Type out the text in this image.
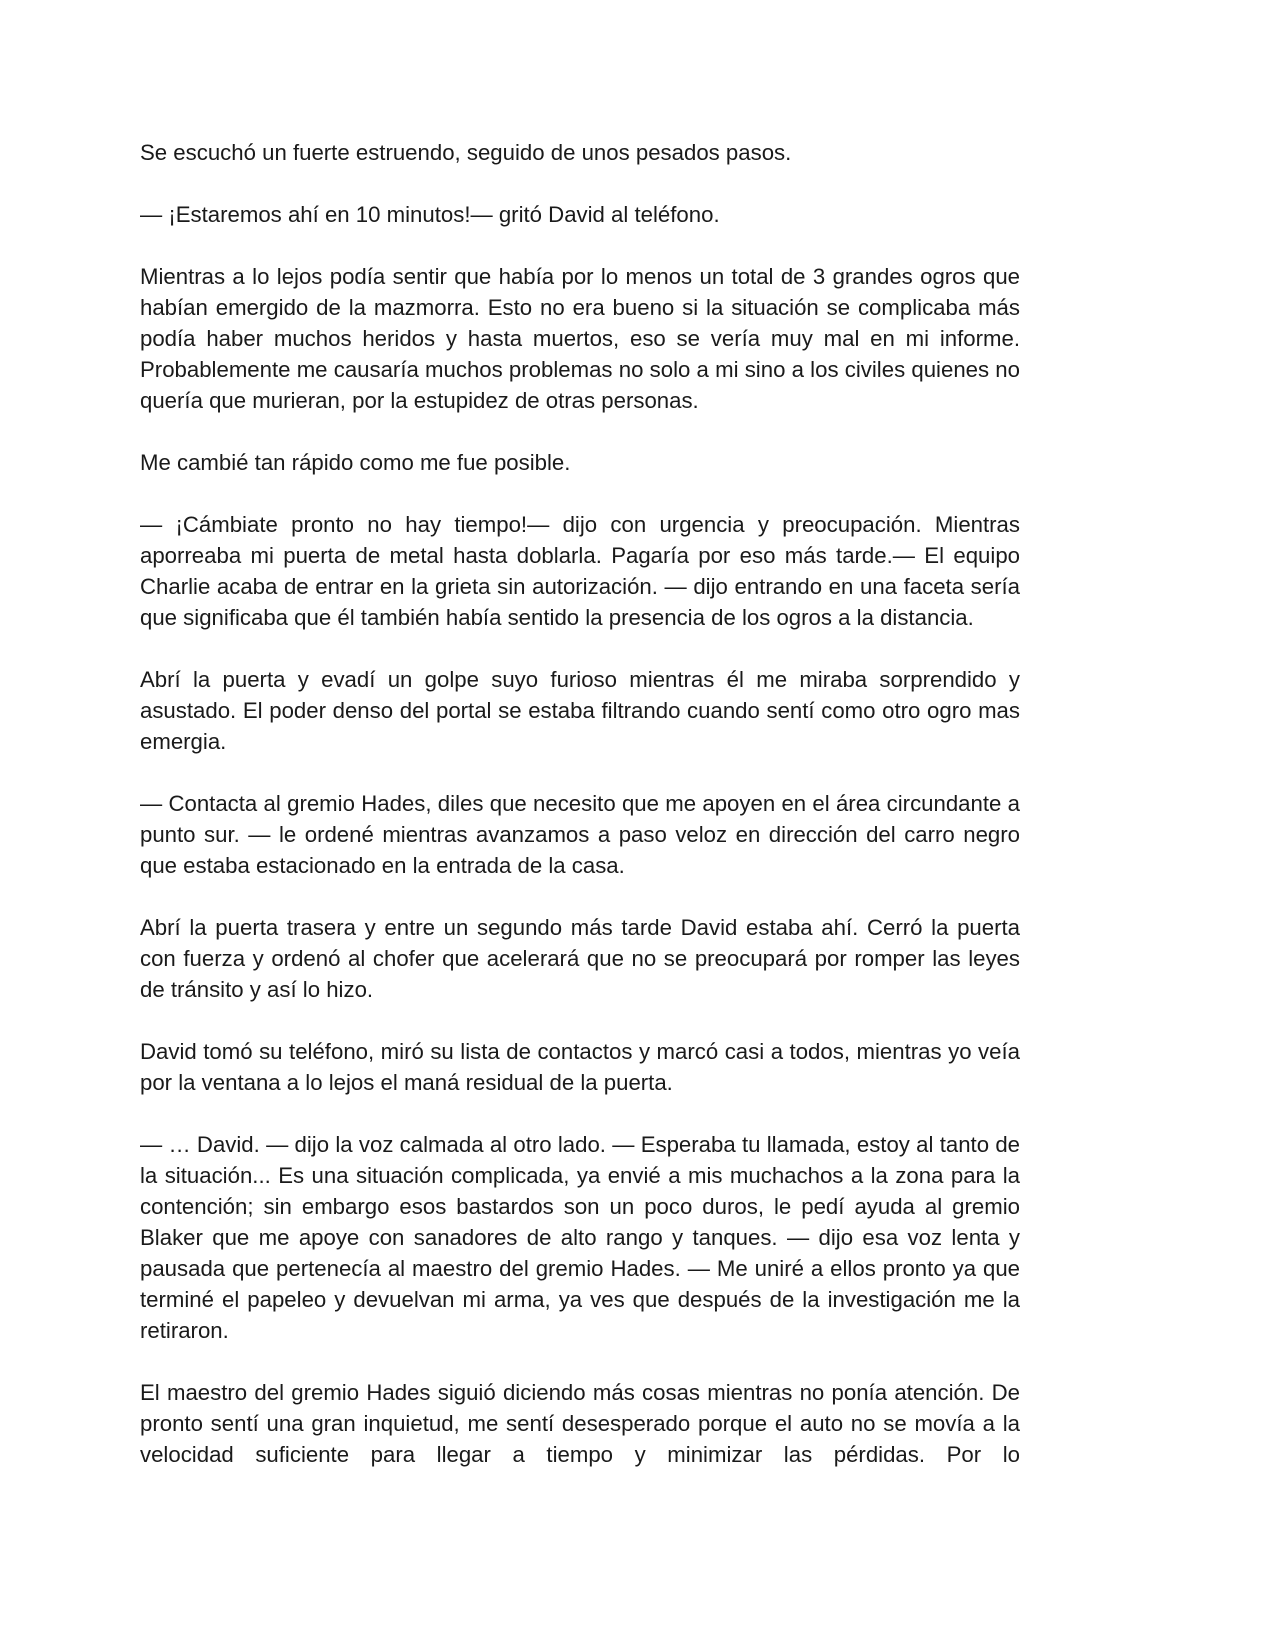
Se escuchó un fuerte estruendo, seguido de unos pesados pasos.

— ¡Estaremos ahí en 10 minutos!— gritó David al teléfono.

Mientras a lo lejos podía sentir que había por lo menos un total de 3 grandes ogros que habían emergido de la mazmorra. Esto no era bueno si la situación se complicaba más podía haber muchos heridos y hasta muertos, eso se vería muy mal en mi informe. Probablemente me causaría muchos problemas no solo a mi sino a los civiles quienes no quería que murieran, por la estupidez de otras personas.

Me cambié tan rápido como me fue posible.

— ¡Cámbiate pronto no hay tiempo!— dijo con urgencia y preocupación. Mientras aporreaba mi puerta de metal hasta doblarla. Pagaría por eso más tarde.— El equipo Charlie acaba de entrar en la grieta sin autorización. — dijo entrando en una faceta sería que significaba que él también había sentido la presencia de los ogros a la distancia.

Abrí la puerta y evadí un golpe suyo furioso mientras él me miraba sorprendido y asustado. El poder denso del portal se estaba filtrando cuando sentí como otro ogro mas emergia.

— Contacta al gremio Hades, diles que necesito que me apoyen en el área circundante a punto sur. — le ordené mientras avanzamos a paso veloz en dirección del carro negro que estaba estacionado en la entrada de la casa.

Abrí la puerta trasera y entre un segundo más tarde David estaba ahí. Cerró la puerta con fuerza y ordenó al chofer que acelerará que no se preocupará por romper las leyes de tránsito y así lo hizo.

David tomó su teléfono, miró su lista de contactos y marcó casi a todos, mientras yo veía por la ventana a lo lejos el maná residual de la puerta.

— … David. — dijo la voz calmada al otro lado. — Esperaba tu llamada, estoy al tanto de la situación... Es una situación complicada, ya envié a mis muchachos a la zona para la contención; sin embargo esos bastardos son un poco duros, le pedí ayuda al gremio Blaker que me apoye con sanadores de alto rango y tanques. — dijo esa voz lenta y pausada que pertenecía al maestro del gremio Hades. — Me uniré a ellos pronto ya que terminé el papeleo y devuelvan mi arma, ya ves que después de la investigación me la retiraron.

El maestro del gremio Hades siguió diciendo más cosas mientras no ponía atención. De pronto sentí una gran inquietud, me sentí desesperado porque el auto no se movía a la velocidad suficiente para llegar a tiempo y minimizar las pérdidas. Por lo
